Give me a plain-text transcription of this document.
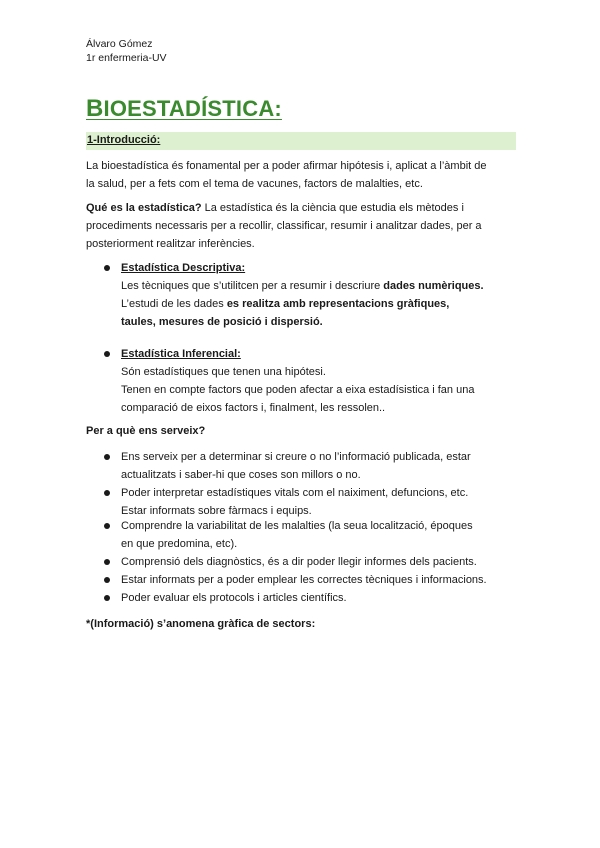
Álvaro Gómez
1r enfermeria-UV
BIOESTADÍSTICA:
1-Introducció:
La bioestadística és fonamental per a poder afirmar hipótesis i, aplicat a l’àmbit de
la salud, per a fets com el tema de vacunes, factors de malalties, etc.
Qué es la estadística? La estadística és la ciència que estudia els mètodes i
procediments necessaris per a recollir, classificar, resumir i analitzar dades, per a
posteriorment realitzar inferències.
Estadística Descriptiva:
Les tècniques que s’utilitcen per a resumir i descriure dades numèriques.
L’estudi de les dades es realitza amb representacions gràfiques,
taules, mesures de posició i dispersió.
Estadística Inferencial:
Són estadístiques que tenen una hipótesi.
Tenen en compte factors que poden afectar a eixa estadísistica i fan una
comparació de eixos factors i, finalment, les ressolen..
Per a què ens serveix?
Ens serveix per a determinar si creure o no l’informació publicada, estar
actualitzats i saber-hi que coses son millors o no.
Poder interpretar estadístiques vitals com el naiximent, defuncions, etc.
Estar informats sobre fàrmacs i equips.
Comprendre la variabilitat de les malalties (la seua localització, époques
en que predomina, etc).
Comprensió dels diagnòstics, és a dir poder llegir informes dels pacients.
Estar informats per a poder emplear les correctes tècniques i informacions.
Poder evaluar els protocols i articles científics.
*(Informació) s’anomena gràfica de sectors:
